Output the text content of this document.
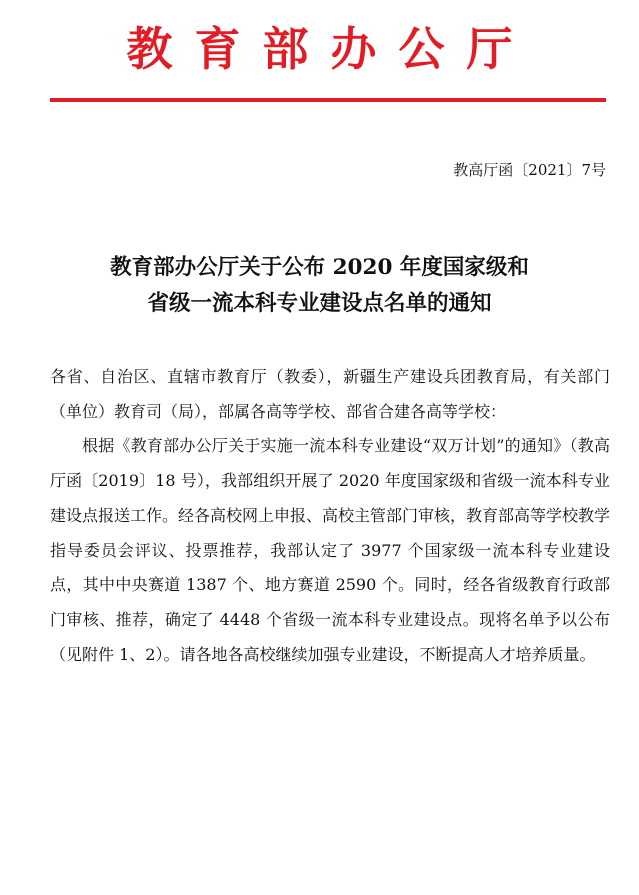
教育部办公厅
教高厅函〔2021〕7号
教育部办公厅关于公布 2020 年度国家级和
省级一流本科专业建设点名单的通知

各省、自治区、直辖市教育厅（教委），新疆生产建设兵团教育局，有关部门（单位）教育司（局），部属各高等学校、部省合建各高等学校：

根据《教育部办公厅关于实施一流本科专业建设“双万计划”的通知》（教高厅函〔2019〕18 号），我部组织开展了 2020 年度国家级和省级一流本科专业建设点报送工作。经各高校网上申报、高校主管部门审核，教育部高等学校教学指导委员会评议、投票推荐，我部认定了 3977 个国家级一流本科专业建设点，其中中央赛道 1387 个、地方赛道 2590 个。同时，经各省级教育行政部门审核、推荐，确定了 4448 个省级一流本科专业建设点。现将名单予以公布（见附件 1、2）。请各地各高校继续加强专业建设，不断提高人才培养质量。
